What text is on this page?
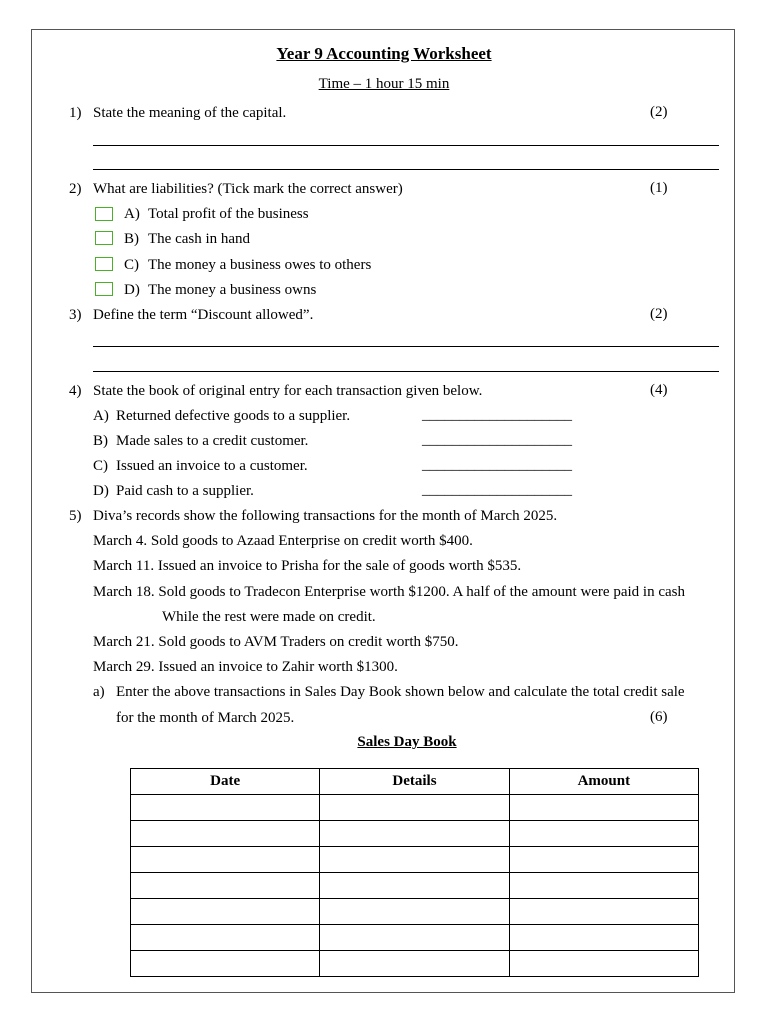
Year 9 Accounting Worksheet
Time – 1 hour 15 min
1) State the meaning of the capital.	(2)
2) What are liabilities? (Tick mark the correct answer)	(1)
A) Total profit of the business
B) The cash in hand
C) The money a business owes to others
D) The money a business owns
3) Define the term “Discount allowed”.	(2)
4) State the book of original entry for each transaction given below.	(4)
A) Returned defective goods to a supplier.	____________________
B) Made sales to a credit customer.	____________________
C) Issued an invoice to a customer.	____________________
D) Paid cash to a supplier.	____________________
5) Diva’s records show the following transactions for the month of March 2025.
March 4. Sold goods to Azaad Enterprise on credit worth $400.
March 11. Issued an invoice to Prisha for the sale of goods worth $535.
March 18. Sold goods to Tradecon Enterprise worth $1200. A half of the amount were paid in cash
While the rest were made on credit.
March 21. Sold goods to AVM Traders on credit worth $750.
March 29. Issued an invoice to Zahir worth $1300.
a) Enter the above transactions in Sales Day Book shown below and calculate the total credit sale
for the month of March 2025.	(6)
Sales Day Book
Date	Details	Amount
